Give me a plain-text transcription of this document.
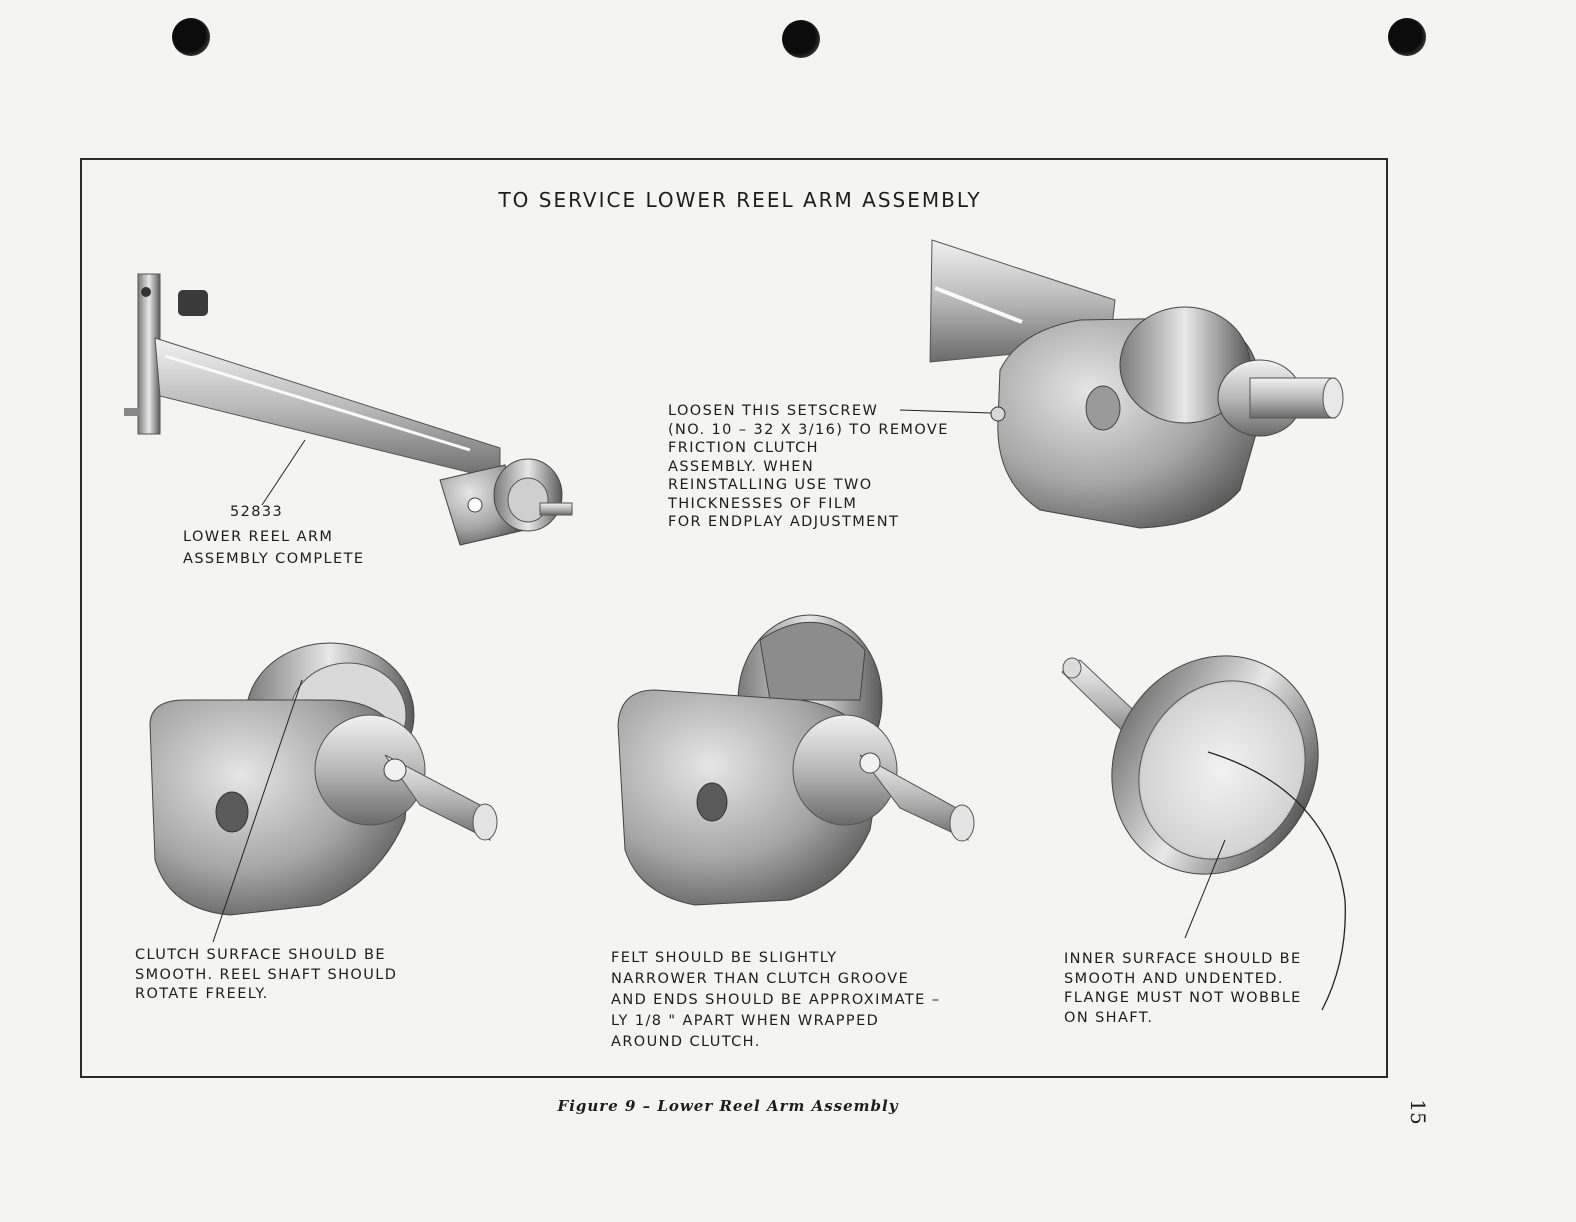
TO SERVICE LOWER REEL ARM ASSEMBLY
52833
LOWER REEL ARM
ASSEMBLY COMPLETE
LOOSEN THIS SETSCREW
(NO. 10 – 32 X 3/16) TO REMOVE
FRICTION CLUTCH
ASSEMBLY. WHEN
REINSTALLING USE TWO
THICKNESSES OF FILM
FOR ENDPLAY ADJUSTMENT
CLUTCH SURFACE SHOULD BE
SMOOTH. REEL SHAFT SHOULD
ROTATE FREELY.
FELT SHOULD BE SLIGHTLY
NARROWER THAN CLUTCH GROOVE
AND ENDS SHOULD BE APPROXIMATE –
LY 1/8 " APART WHEN WRAPPED
AROUND CLUTCH.
INNER SURFACE SHOULD BE
SMOOTH AND UNDENTED.
FLANGE MUST NOT WOBBLE
ON SHAFT.
Figure 9 – Lower Reel Arm Assembly	15
